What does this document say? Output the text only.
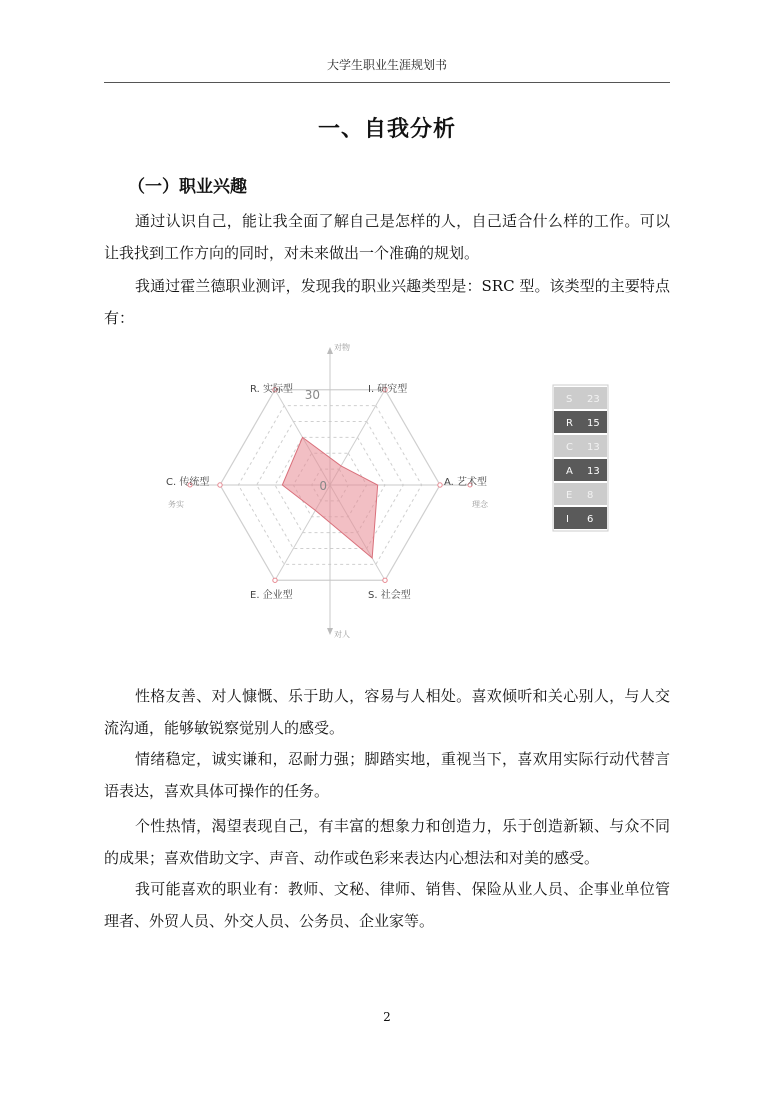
大学生职业生涯规划书
一、自我分析
（一）职业兴趣

通过认识自己，能让我全面了解自己是怎样的人，自己适合什么样的工作。可以让我找到工作方向的同时，对未来做出一个准确的规划。

我通过霍兰德职业测评，发现我的职业兴趣类型是：SRC 型。该类型的主要特点有：

对物
对人
务实	理念
I. 研究型
A. 艺术型
S. 社会型
E. 企业型
C. 传统型
R. 实际型 30
0
S 23
R 15
C 13
A 13
E 8
I 6

性格友善、对人慷慨、乐于助人，容易与人相处。喜欢倾听和关心别人，与人交流沟通，能够敏锐察觉别人的感受。

情绪稳定，诚实谦和，忍耐力强；脚踏实地，重视当下，喜欢用实际行动代替言语表达，喜欢具体可操作的任务。

个性热情，渴望表现自己，有丰富的想象力和创造力，乐于创造新颖、与众不同的成果；喜欢借助文字、声音、动作或色彩来表达内心想法和对美的感受。

我可能喜欢的职业有：教师、文秘、律师、销售、保险从业人员、企事业单位管理者、外贸人员、外交人员、公务员、企业家等。

2
